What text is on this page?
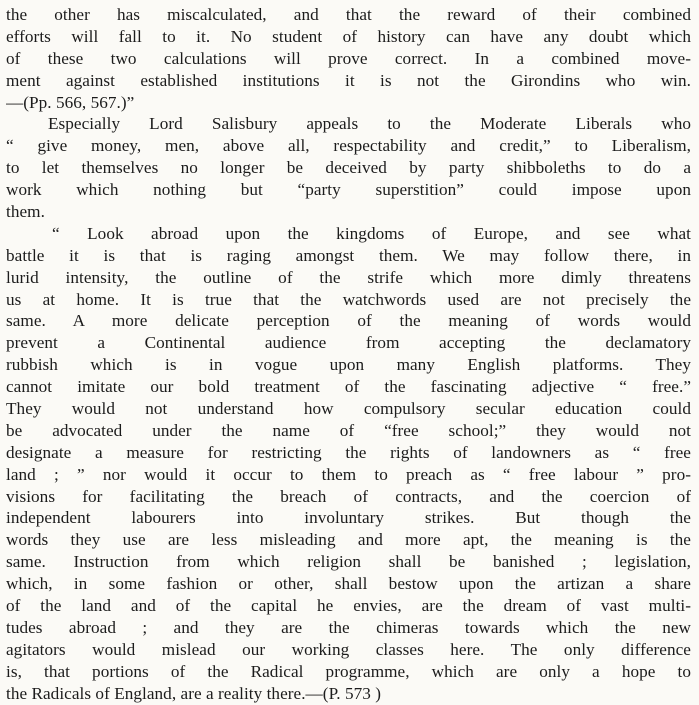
the other has miscalculated, and that the reward of their combined
efforts will fall to it. No student of history can have any doubt which
of these two calculations will prove correct. In a combined move-
ment against established institutions it is not the Girondins who win.
—(Pp. 566, 567.)”
Especially Lord Salisbury appeals to the Moderate Liberals who
“ give money, men, above all, respectability and credit,” to Liberalism,
to let themselves no longer be deceived by party shibboleths to do a
work which nothing but “party superstition” could impose upon
them.
“ Look abroad upon the kingdoms of Europe, and see what
battle it is that is raging amongst them. We may follow there, in
lurid intensity, the outline of the strife which more dimly threatens
us at home. It is true that the watchwords used are not precisely the
same. A more delicate perception of the meaning of words would
prevent a Continental audience from accepting the declamatory
rubbish which is in vogue upon many English platforms. They
cannot imitate our bold treatment of the fascinating adjective “ free.”
They would not understand how compulsory secular education could
be advocated under the name of “free school;” they would not
designate a measure for restricting the rights of landowners as “ free
land ; ” nor would it occur to them to preach as “ free labour ” pro-
visions for facilitating the breach of contracts, and the coercion of
independent labourers into involuntary strikes. But though the
words they use are less misleading and more apt, the meaning is the
same. Instruction from which religion shall be banished ; legislation,
which, in some fashion or other, shall bestow upon the artizan a share
of the land and of the capital he envies, are the dream of vast multi-
tudes abroad ; and they are the chimeras towards which the new
agitators would mislead our working classes here. The only difference
is, that portions of the Radical programme, which are only a hope to
the Radicals of England, are a reality there.—(P. 573 )
